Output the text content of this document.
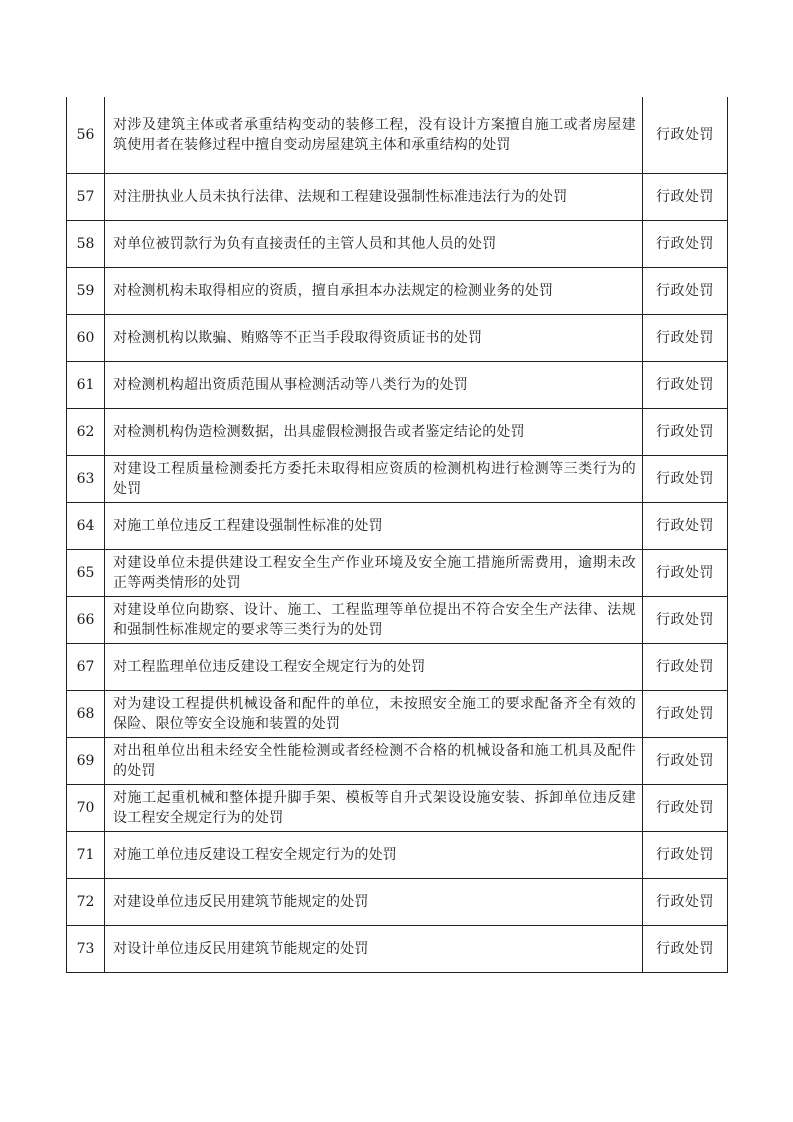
56	对涉及建筑主体或者承重结构变动的装修工程，没有设计方案擅自施工或者房屋建筑使用者在装修过程中擅自变动房屋建筑主体和承重结构的处罚	行政处罚
57	对注册执业人员未执行法律、法规和工程建设强制性标准违法行为的处罚	行政处罚
58	对单位被罚款行为负有直接责任的主管人员和其他人员的处罚	行政处罚
59	对检测机构未取得相应的资质，擅自承担本办法规定的检测业务的处罚	行政处罚
60	对检测机构以欺骗、贿赂等不正当手段取得资质证书的处罚	行政处罚
61	对检测机构超出资质范围从事检测活动等八类行为的处罚	行政处罚
62	对检测机构伪造检测数据，出具虚假检测报告或者鉴定结论的处罚	行政处罚
63	对建设工程质量检测委托方委托未取得相应资质的检测机构进行检测等三类行为的处罚	行政处罚
64	对施工单位违反工程建设强制性标准的处罚	行政处罚
65	对建设单位未提供建设工程安全生产作业环境及安全施工措施所需费用，逾期未改正等两类情形的处罚	行政处罚
66	对建设单位向勘察、设计、施工、工程监理等单位提出不符合安全生产法律、法规和强制性标准规定的要求等三类行为的处罚	行政处罚
67	对工程监理单位违反建设工程安全规定行为的处罚	行政处罚
68	对为建设工程提供机械设备和配件的单位，未按照安全施工的要求配备齐全有效的保险、限位等安全设施和装置的处罚	行政处罚
69	对出租单位出租未经安全性能检测或者经检测不合格的机械设备和施工机具及配件的处罚	行政处罚
70	对施工起重机械和整体提升脚手架、模板等自升式架设设施安装、拆卸单位违反建设工程安全规定行为的处罚	行政处罚
71	对施工单位违反建设工程安全规定行为的处罚	行政处罚
72	对建设单位违反民用建筑节能规定的处罚	行政处罚
73	对设计单位违反民用建筑节能规定的处罚	行政处罚
